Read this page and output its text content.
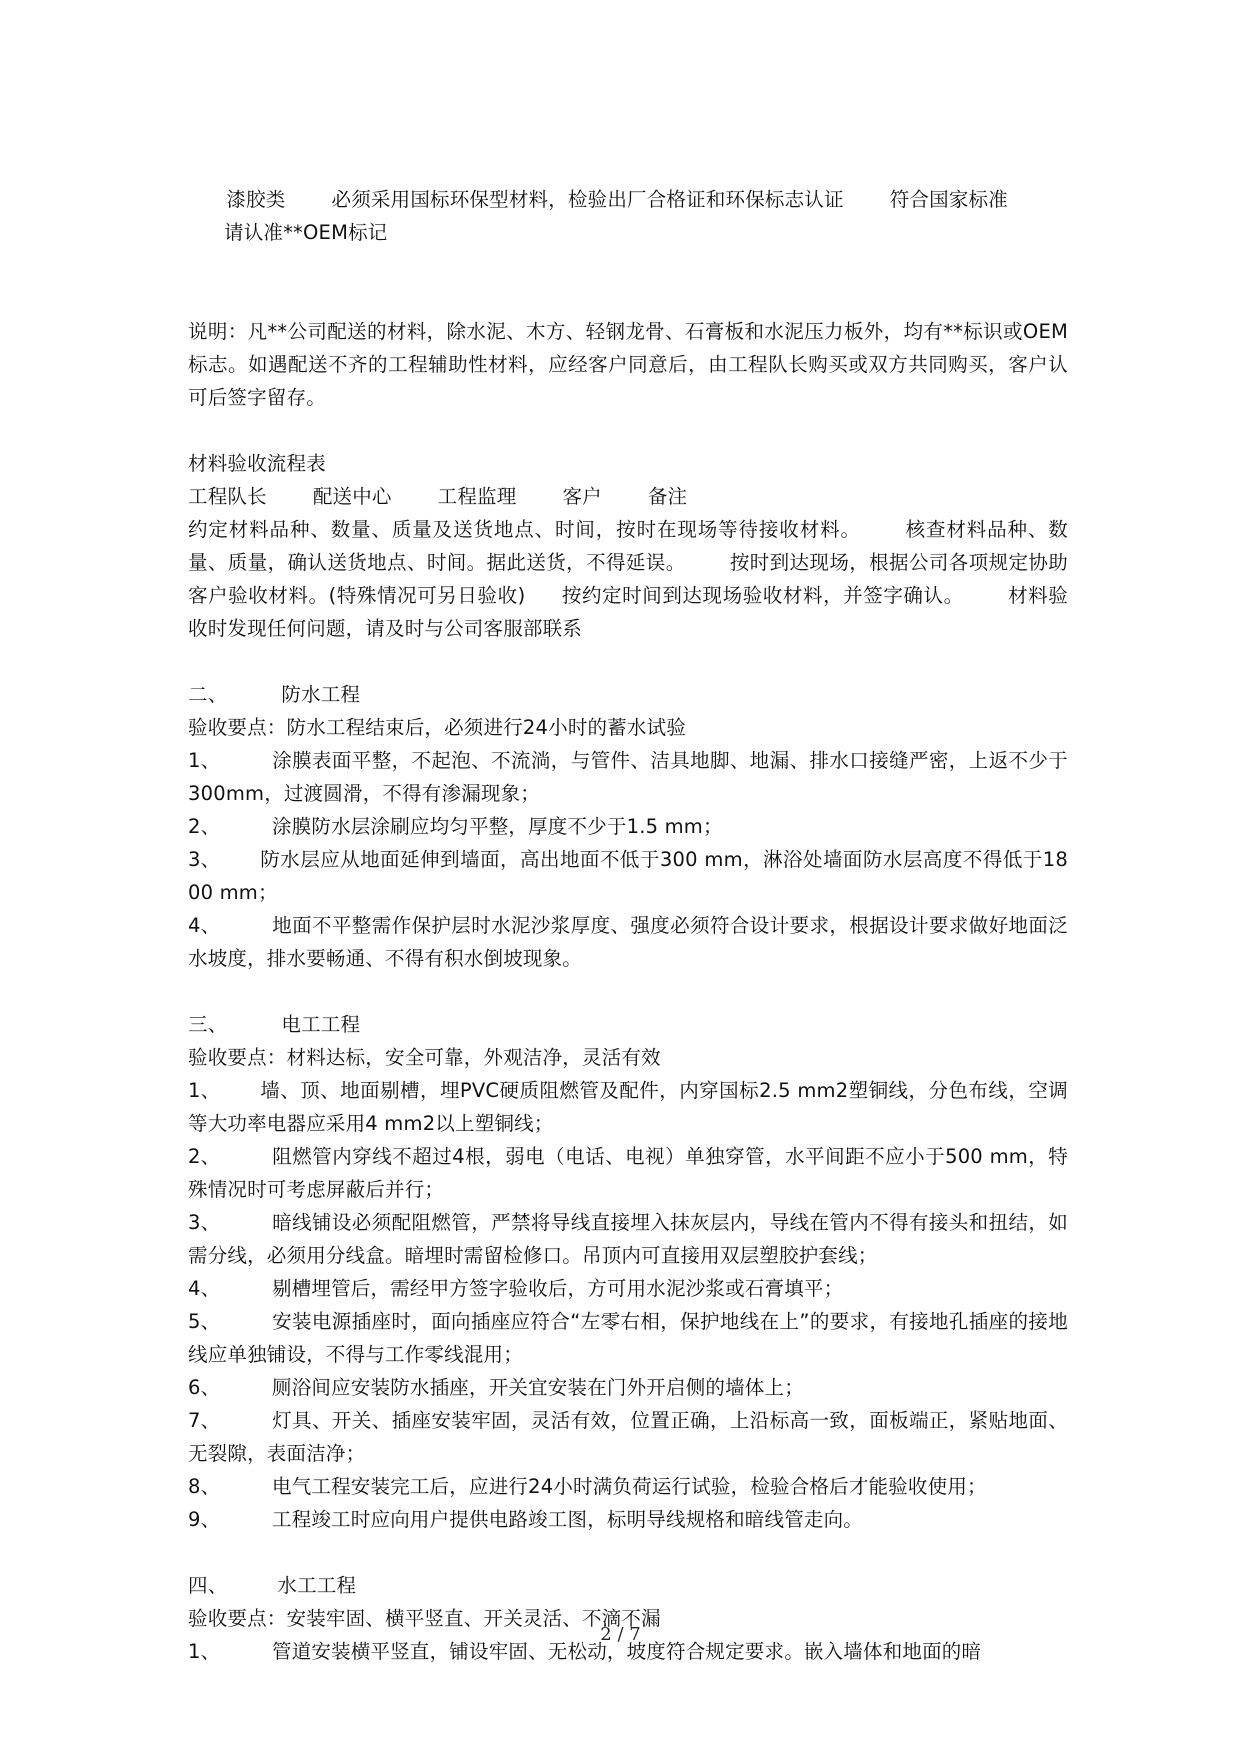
漆胶类 必须采用国标环保型材料，检验出厂合格证和环保标志认证 符合国家标准
请认准**OEM标记

说明：凡**公司配送的材料，除水泥、木方、轻钢龙骨、石膏板和水泥压力板外，均有**标识或OEM标志。如遇配送不齐的工程辅助性材料，应经客户同意后，由工程队长购买或双方共同购买，客户认可后签字留存。

材料验收流程表

工程队长 配送中心 工程监理 客户 备注

约定材料品种、数量、质量及送货地点、时间，按时在现场等待接收材料。 核查材料品种、数量、质量，确认送货地点、时间。据此送货，不得延误。 按时到达现场，根据公司各项规定协助客户验收材料。(特殊情况可另日验收) 按约定时间到达现场验收材料，并签字确认。 材料验收时发现任何问题，请及时与公司客服部联系

二、	防水工程

验收要点：防水工程结束后，必须进行24小时的蓄水试验

1、	涂膜表面平整，不起泡、不流淌，与管件、洁具地脚、地漏、排水口接缝严密，上返不少于300mm，过渡圆滑，不得有渗漏现象；

2、	涂膜防水层涂刷应均匀平整，厚度不少于1.5 mm；

3、 防水层应从地面延伸到墙面，高出地面不低于300 mm，淋浴处墙面防水层高度不得低于1800 mm；

4、	地面不平整需作保护层时水泥沙浆厚度、强度必须符合设计要求，根据设计要求做好地面泛水坡度，排水要畅通、不得有积水倒坡现象。

三、	电工工程

验收要点：材料达标，安全可靠，外观洁净，灵活有效

1、 墙、顶、地面剔槽，埋PVC硬质阻燃管及配件，内穿国标2.5 mm2塑铜线，分色布线，空调等大功率电器应采用4 mm2以上塑铜线；

2、	阻燃管内穿线不超过4根，弱电（电话、电视）单独穿管，水平间距不应小于500 mm，特殊情况时可考虑屏蔽后并行；

3、	暗线铺设必须配阻燃管，严禁将导线直接埋入抹灰层内，导线在管内不得有接头和扭结，如需分线，必须用分线盒。暗埋时需留检修口。吊顶内可直接用双层塑胶护套线；

4、	剔槽埋管后，需经甲方签字验收后，方可用水泥沙浆或石膏填平；

5、	安装电源插座时，面向插座应符合“左零右相，保护地线在上”的要求，有接地孔插座的接地线应单独铺设，不得与工作零线混用；

6、	厕浴间应安装防水插座，开关宜安装在门外开启侧的墙体上；

7、	灯具、开关、插座安装牢固，灵活有效，位置正确，上沿标高一致，面板端正，紧贴地面、无裂隙，表面洁净；

8、	电气工程安装完工后，应进行24小时满负荷运行试验，检验合格后才能验收使用；

9、	工程竣工时应向用户提供电路竣工图，标明导线规格和暗线管走向。

四、	水工工程

验收要点：安装牢固、横平竖直、开关灵活、不滴不漏

1、	管道安装横平竖直，铺设牢固、无松动，坡度符合规定要求。嵌入墙体和地面的暗

2 / 7
